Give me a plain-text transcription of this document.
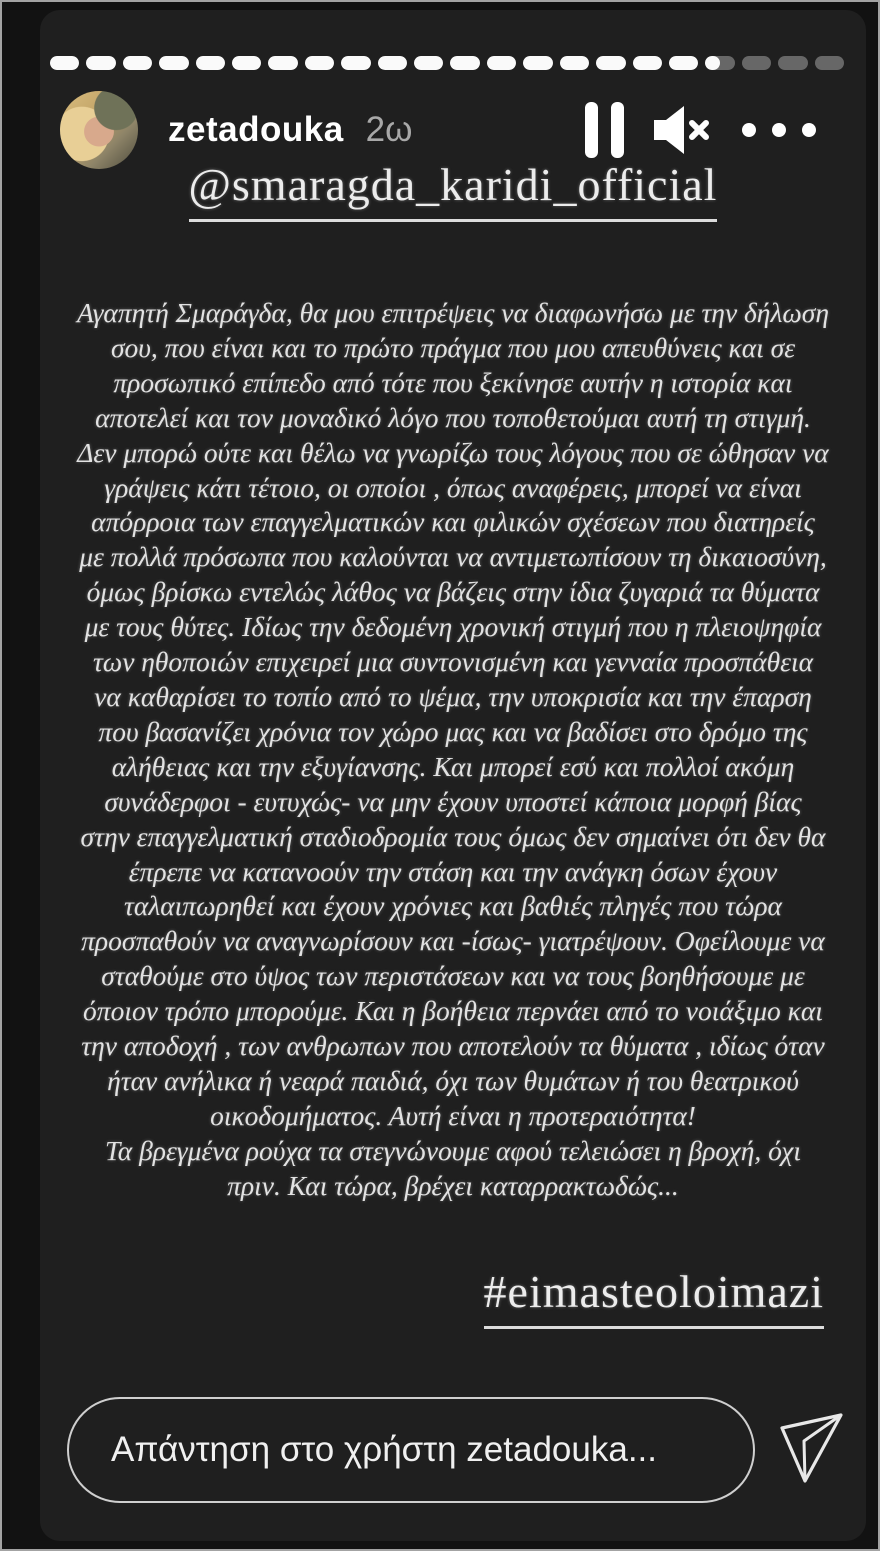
zetadouka 2ω
@smaragda_karidi_official
Αγαπητή Σμαράγδα, θα μου επιτρέψεις να διαφωνήσω με την δήλωση
σου, που είναι και το πρώτο πράγμα που μου απευθύνεις και σε
προσωπικό επίπεδο από τότε που ξεκίνησε αυτήν η ιστορία και
αποτελεί και τον μοναδικό λόγο που τοποθετούμαι αυτή τη στιγμή.
Δεν μπορώ ούτε και θέλω να γνωρίζω τους λόγους που σε ώθησαν να
γράψεις κάτι τέτοιο, οι οποίοι , όπως αναφέρεις, μπορεί να είναι
απόρροια των επαγγελματικών και φιλικών σχέσεων που διατηρείς
με πολλά πρόσωπα που καλούνται να αντιμετωπίσουν τη δικαιοσύνη,
όμως βρίσκω εντελώς λάθος να βάζεις στην ίδια ζυγαριά τα θύματα
με τους θύτες. Ιδίως την δεδομένη χρονική στιγμή που η πλειοψηφία
των ηθοποιών επιχειρεί μια συντονισμένη και γενναία προσπάθεια
να καθαρίσει το τοπίο από το ψέμα, την υποκρισία και την έπαρση
που βασανίζει χρόνια τον χώρο μας και να βαδίσει στο δρόμο της
αλήθειας και την εξυγίανσης. Και μπορεί εσύ και πολλοί ακόμη
συνάδερφοι - ευτυχώς- να μην έχουν υποστεί κάποια μορφή βίας
στην επαγγελματική σταδιοδρομία τους όμως δεν σημαίνει ότι δεν θα
έπρεπε να κατανοούν την στάση και την ανάγκη όσων έχουν
ταλαιπωρηθεί και έχουν χρόνιες και βαθιές πληγές που τώρα
προσπαθούν να αναγνωρίσουν και -ίσως- γιατρέψουν. Οφείλουμε να
σταθούμε στο ύψος των περιστάσεων και να τους βοηθήσουμε με
όποιον τρόπο μπορούμε. Και η βοήθεια περνάει από το νοιάξιμο και
την αποδοχή , των ανθρωπων που αποτελούν τα θύματα , ιδίως όταν
ήταν ανήλικα ή νεαρά παιδιά, όχι των θυμάτων ή του θεατρικού
οικοδομήματος. Αυτή είναι η προτεραιότητα!
Τα βρεγμένα ρούχα τα στεγνώνουμε αφού τελειώσει η βροχή, όχι
πριν. Και τώρα, βρέχει καταρρακτωδώς...
#eimasteoloimazi
Απάντηση στο χρήστη zetadouka...
